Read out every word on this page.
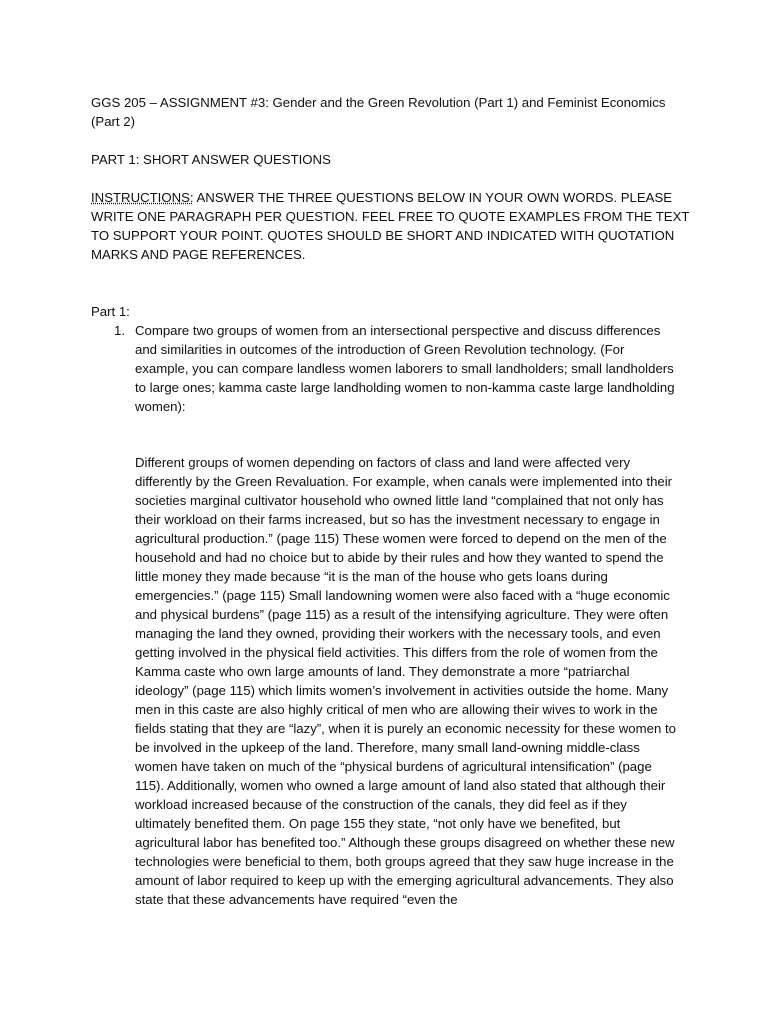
GGS 205 – ASSIGNMENT #3: Gender and the Green Revolution (Part 1) and Feminist Economics (Part 2)

PART 1: SHORT ANSWER QUESTIONS

INSTRUCTIONS: ANSWER THE THREE QUESTIONS BELOW IN YOUR OWN WORDS. PLEASE WRITE ONE PARAGRAPH PER QUESTION. FEEL FREE TO QUOTE EXAMPLES FROM THE TEXT TO SUPPORT YOUR POINT. QUOTES SHOULD BE SHORT AND INDICATED WITH QUOTATION MARKS AND PAGE REFERENCES.

Part 1:

1. Compare two groups of women from an intersectional perspective and discuss differences and similarities in outcomes of the introduction of Green Revolution technology. (For example, you can compare landless women laborers to small landholders; small landholders to large ones; kamma caste large landholding women to non-kamma caste large landholding women):

Different groups of women depending on factors of class and land were affected very differently by the Green Revaluation. For example, when canals were implemented into their societies marginal cultivator household who owned little land “complained that not only has their workload on their farms increased, but so has the investment necessary to engage in agricultural production.” (page 115) These women were forced to depend on the men of the household and had no choice but to abide by their rules and how they wanted to spend the little money they made because “it is the man of the house who gets loans during emergencies.” (page 115) Small landowning women were also faced with a “huge economic and physical burdens” (page 115) as a result of the intensifying agriculture. They were often managing the land they owned, providing their workers with the necessary tools, and even getting involved in the physical field activities. This differs from the role of women from the Kamma caste who own large amounts of land. They demonstrate a more “patriarchal ideology” (page 115) which limits women’s involvement in activities outside the home. Many men in this caste are also highly critical of men who are allowing their wives to work in the fields stating that they are “lazy”, when it is purely an economic necessity for these women to be involved in the upkeep of the land. Therefore, many small land-owning middle-class women have taken on much of the “physical burdens of agricultural intensification” (page 115). Additionally, women who owned a large amount of land also stated that although their workload increased because of the construction of the canals, they did feel as if they ultimately benefited them. On page 155 they state, “not only have we benefited, but agricultural labor has benefited too.” Although these groups disagreed on whether these new technologies were beneficial to them, both groups agreed that they saw huge increase in the amount of labor required to keep up with the emerging agricultural advancements. They also state that these advancements have required “even the
